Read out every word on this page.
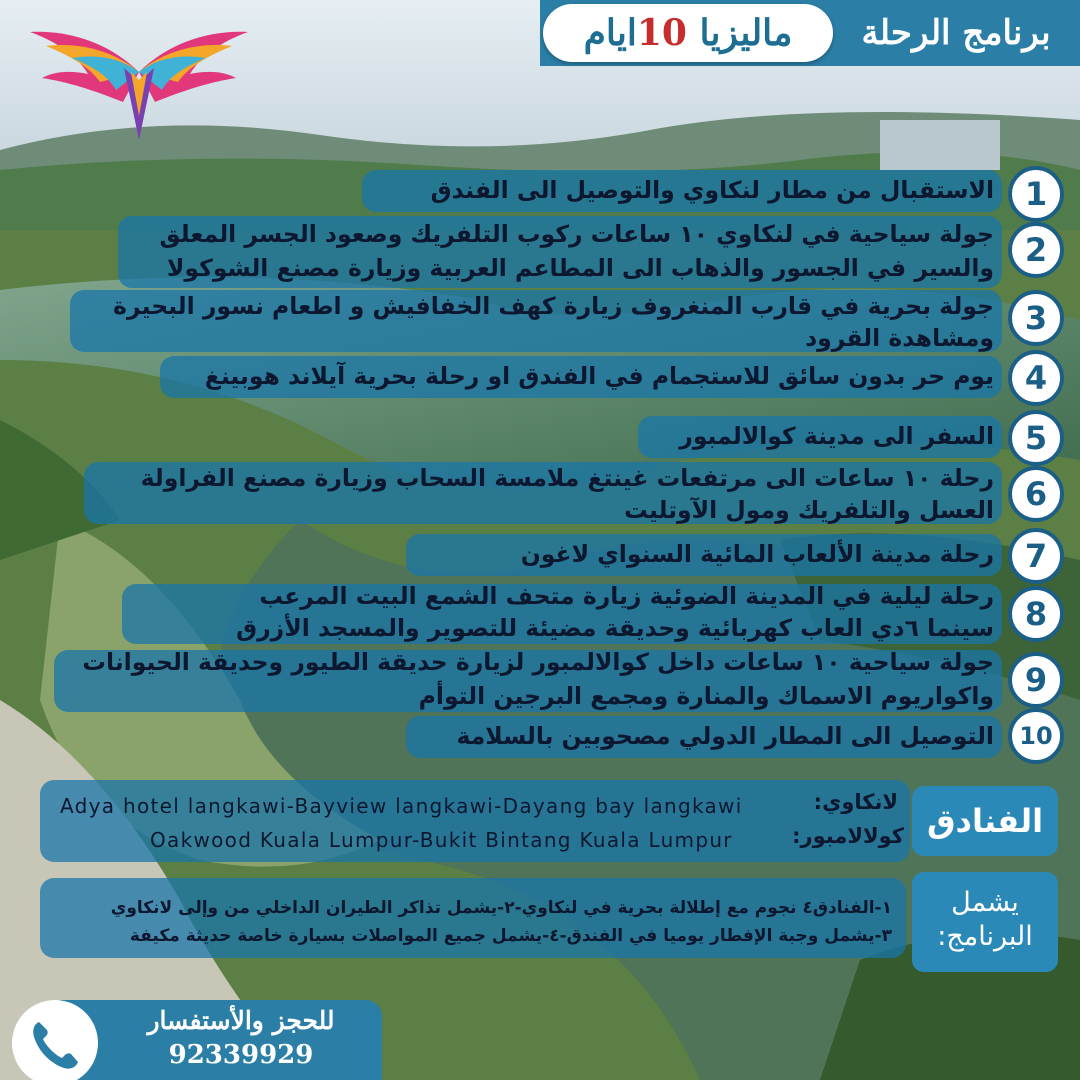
ماليزيا 10ايام	برنامج الرحلة
الاستقبال من مطار لنكاوي والتوصيل الى الفندق 1
جولة سياحية في لنكاوي ١٠ ساعات ركوب التلفريك وصعود الجسر المعلق
والسير في الجسور والذهاب الى المطاعم العربية وزيارة مصنع الشوكولا 2
جولة بحرية في قارب المنغروف زيارة كهف الخفافيش و اطعام نسور البحيرة
ومشاهدة القرود
3
يوم حر بدون سائق للاستجمام في الفندق او رحلة بحرية آيلاند هوبينغ 4
السفر الى مدينة كوالالمبور 5
رحلة ١٠ ساعات الى مرتفعات غينتغ ملامسة السحاب وزيارة مصنع الفراولة
العسل والتلفريك ومول الآوتليت 6
رحلة مدينة الألعاب المائية السنواي لاغون 7
رحلة ليلية في المدينة الضوئية زيارة متحف الشمع البيت المرعب
سينما ٦دي العاب كهربائية وحديقة مضيئة للتصوير والمسجد الأزرق 8
جولة سياحية ١٠ ساعات داخل كوالالمبور لزيارة حديقة الطيور وحديقة الحيوانات
واكواريوم الاسماك والمنارة ومجمع البرجين التوأم 9
التوصيل الى المطار الدولي مصحوبين بالسلامة	10
Adya hotel langkawi-Bayview langkawi-Dayang bay langkawi	لانكاوي:
Oakwood Kuala Lumpur-Bukit Bintang Kuala Lumpur	كولالامبور: الفنادق
١-الفنادق٤ نجوم مع إطلالة بحرية في لنكاوي-٢-يشمل تذاكر الطيران الداخلي من وإلى لانكاوي
٣-يشمل وجبة الإفطار يوميا في الفندق-٤-يشمل جميع المواصلات بسيارة خاصة حديثة مكيفة
يشمل
البرنامج:
للحجز والأستفسار
92339929
